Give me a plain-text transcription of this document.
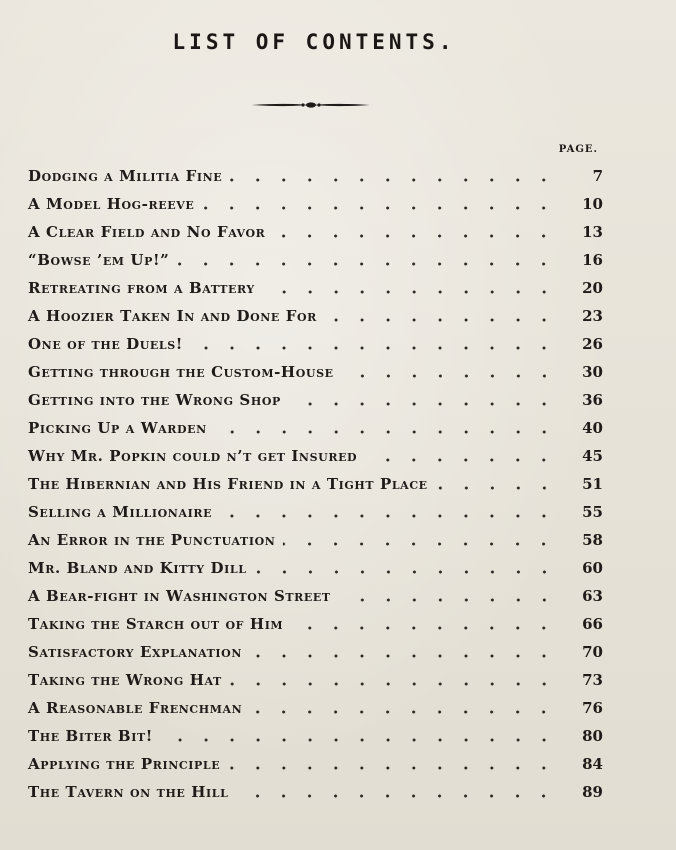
LIST OF CONTENTS.
PAGE.
Dodging a Militia Fine	7
A Model Hog-reeve	10
A Clear Field and No Favor	13
“Bowse ’em Up!”	16
Retreating from a Battery	20
A Hoozier Taken In and Done For	23
One of the Duels!	26
Getting through the Custom-House	30
Getting into the Wrong Shop	36
Picking Up a Warden	40
Why Mr. Popkin could n’t get Insured	45
The Hibernian and His Friend in a Tight Place	51
Selling a Millionaire	55
An Error in the Punctuation	58
Mr. Bland and Kitty Dill	60
A Bear-fight in Washington Street	63
Taking the Starch out of Him	66
Satisfactory Explanation	70
Taking the Wrong Hat	73
A Reasonable Frenchman	76
The Biter Bit!	80
Applying the Principle	84
The Tavern on the Hill	89
